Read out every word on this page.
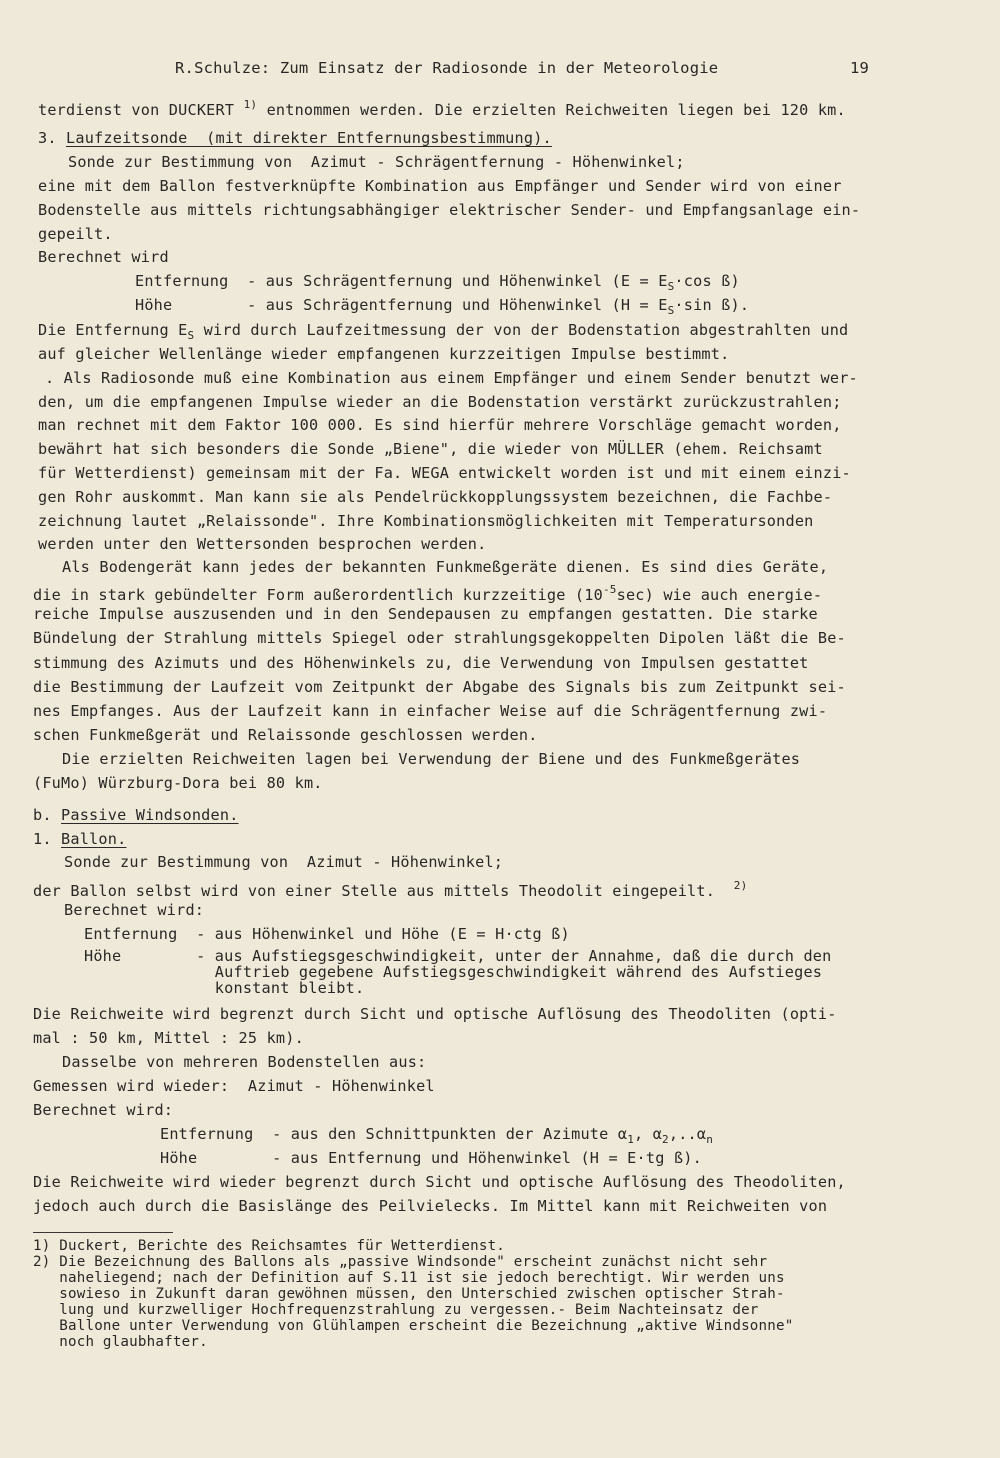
R.Schulze: Zum Einsatz der Radiosonde in der Meteorologie	19
terdienst von DUCKERT $^{1)}$ entnommen werden. Die erzielten Reichweiten liegen bei 120 km.
3. Laufzeitsonde  (mit direkter Entfernungsbestimmung).
Sonde zur Bestimmung von  Azimut - Schrägentfernung - Höhenwinkel;
eine mit dem Ballon festverknüpfte Kombination aus Empfänger und Sender wird von einer
Bodenstelle aus mittels richtungsabhängiger elektrischer Sender- und Empfangsanlage ein-
gepeilt.
Berechnet wird
Entfernung  - aus Schrägentfernung und Höhenwinkel ($E = E_S\cdot\cos$ ß)
Höhe        - aus Schrägentfernung und Höhenwinkel ($H = E_S\cdot\sin$ ß).
Die Entfernung $E_S$ wird durch Laufzeitmessung der von der Bodenstation abgestrahlten und
auf gleicher Wellenlänge wieder empfangenen kurzzeitigen Impulse bestimmt.
. Als Radiosonde muß eine Kombination aus einem Empfänger und einem Sender benutzt wer-
den, um die empfangenen Impulse wieder an die Bodenstation verstärkt zurückzustrahlen;
man rechnet mit dem Faktor 100 000. Es sind hierfür mehrere Vorschläge gemacht worden,
bewährt hat sich besonders die Sonde „Biene", die wieder von MÜLLER (ehem. Reichsamt
für Wetterdienst) gemeinsam mit der Fa. WEGA entwickelt worden ist und mit einem einzi-
gen Rohr auskommt. Man kann sie als Pendelrückkopplungssystem bezeichnen, die Fachbe-
zeichnung lautet „Relaissonde". Ihre Kombinationsmöglichkeiten mit Temperatursonden
werden unter den Wettersonden besprochen werden.
Als Bodengerät kann jedes der bekannten Funkmeßgeräte dienen. Es sind dies Geräte,
die in stark gebündelter Form außerordentlich kurzzeitige $(10^{-5}\sec)$ wie auch energie-
reiche Impulse auszusenden und in den Sendepausen zu empfangen gestatten. Die starke
Bündelung der Strahlung mittels Spiegel oder strahlungsgekoppelten Dipolen läßt die Be-
stimmung des Azimuts und des Höhenwinkels zu, die Verwendung von Impulsen gestattet
die Bestimmung der Laufzeit vom Zeitpunkt der Abgabe des Signals bis zum Zeitpunkt sei-
nes Empfanges. Aus der Laufzeit kann in einfacher Weise auf die Schrägentfernung zwi-
schen Funkmeßgerät und Relaissonde geschlossen werden.
Die erzielten Reichweiten lagen bei Verwendung der Biene und des Funkmeßgerätes
(FuMo) Würzburg-Dora bei 80 km.
b. Passive Windsonden.
1. Ballon.
Sonde zur Bestimmung von  Azimut - Höhenwinkel;
der Ballon selbst wird von einer Stelle aus mittels Theodolit eingepeilt. $^{2)}$
Berechnet wird:
Entfernung  - aus Höhenwinkel und Höhe (E = H·ctg ß)
Höhe        - aus Aufstiegsgeschwindigkeit, unter der Annahme, daß die durch den
Auftrieb gegebene Aufstiegsgeschwindigkeit während des Aufstieges
konstant bleibt.
Die Reichweite wird begrenzt durch Sicht und optische Auflösung des Theodoliten (opti-
mal : 50 km, Mittel : 25 km).
Dasselbe von mehreren Bodenstellen aus:
Gemessen wird wieder:  Azimut - Höhenwinkel
Berechnet wird:
Entfernung  - aus den Schnittpunkten der Azimute $\alpha_1$, $\alpha_2,..\alpha_n$
Höhe        - aus Entfernung und Höhenwinkel (H = E·tg ß).
Die Reichweite wird wieder begrenzt durch Sicht und optische Auflösung des Theodoliten,
jedoch auch durch die Basislänge des Peilvielecks. Im Mittel kann mit Reichweiten von
1) Duckert, Berichte des Reichsamtes für Wetterdienst.
2) Die Bezeichnung des Ballons als „passive Windsonde" erscheint zunächst nicht sehr
naheliegend; nach der Definition auf S.11 ist sie jedoch berechtigt. Wir werden uns
sowieso in Zukunft daran gewöhnen müssen, den Unterschied zwischen optischer Strah-
lung und kurzwelliger Hochfrequenzstrahlung zu vergessen.- Beim Nachteinsatz der
Ballone unter Verwendung von Glühlampen erscheint die Bezeichnung „aktive Windsonne"
noch glaubhafter.
